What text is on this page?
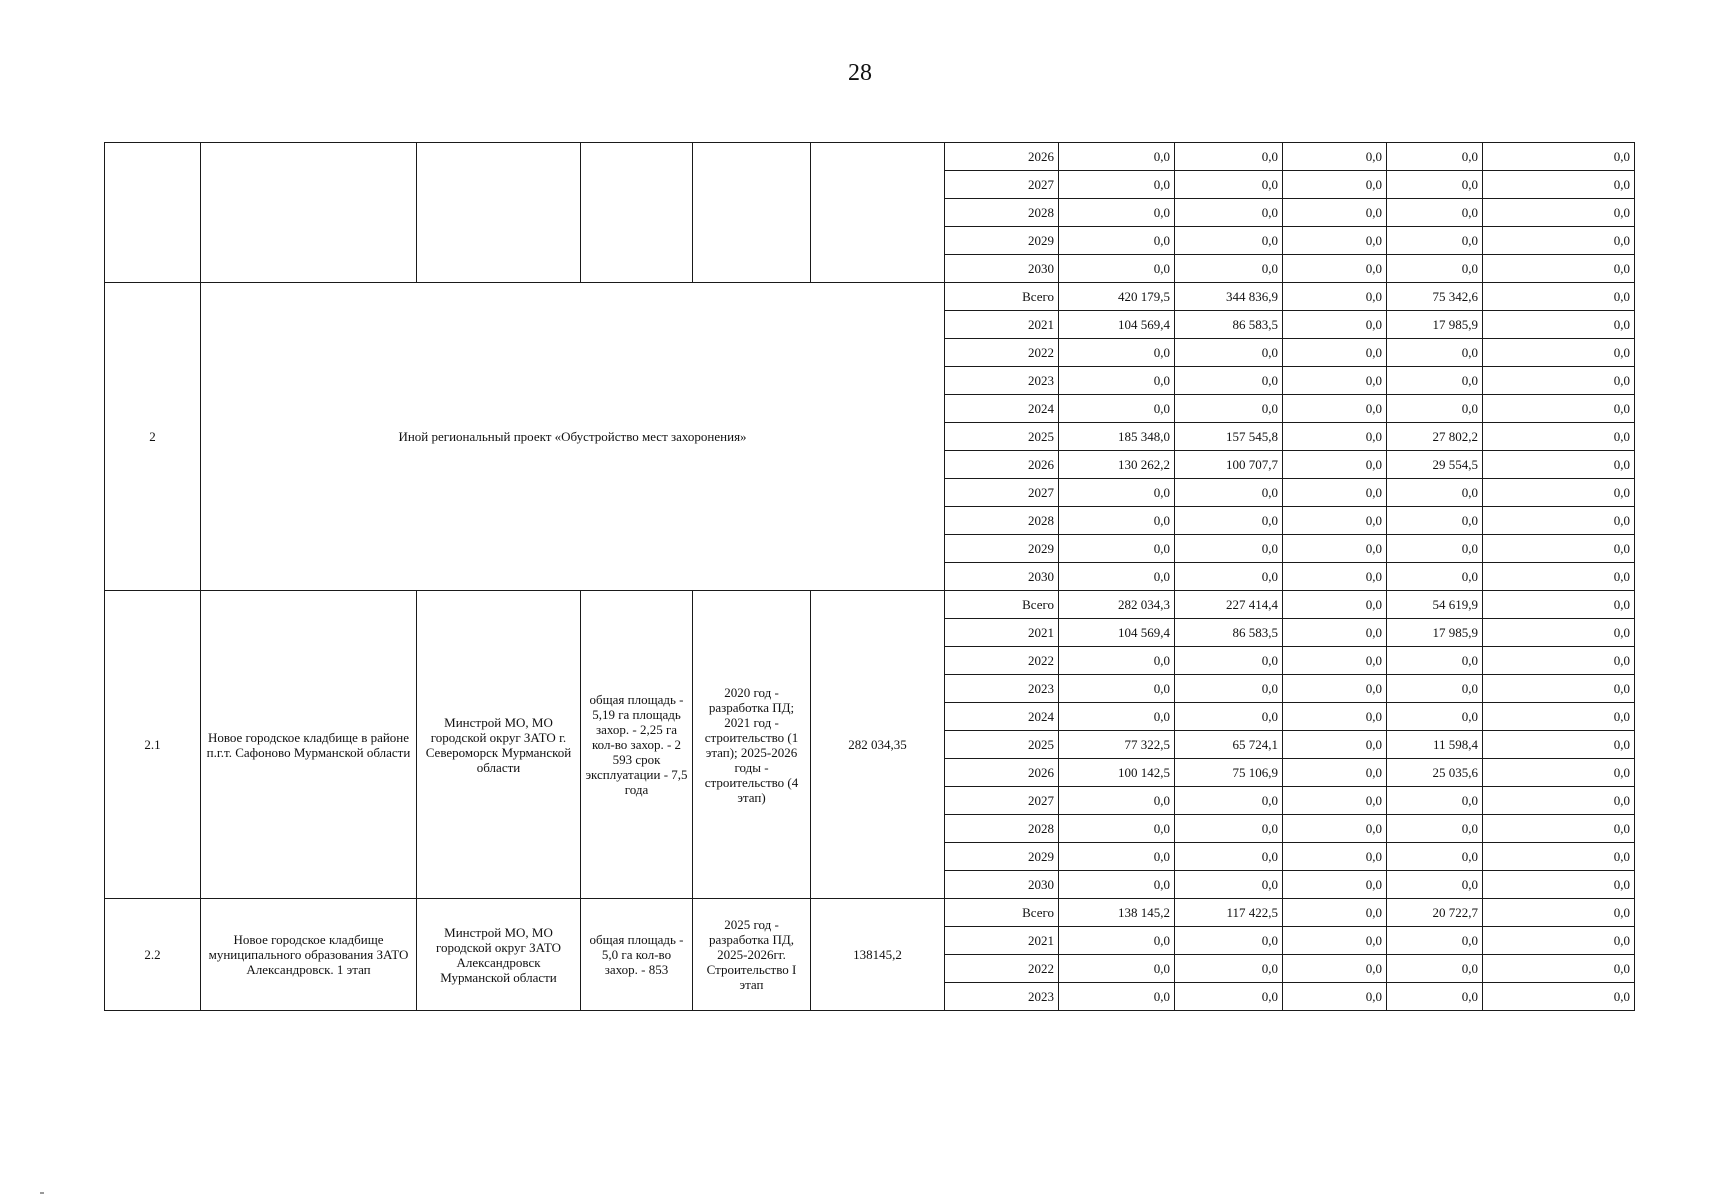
28
						2026	0,0	0,0	0,0	0,0	0,0
						2027	0,0	0,0	0,0	0,0	0,0
						2028	0,0	0,0	0,0	0,0	0,0
						2029	0,0	0,0	0,0	0,0	0,0
						2030	0,0	0,0	0,0	0,0	0,0
2	Иной региональный проект «Обустройство мест захоронения»					Всего	420 179,5	344 836,9	0,0	75 342,6	0,0
						2021	104 569,4	86 583,5	0,0	17 985,9	0,0
						2022	0,0	0,0	0,0	0,0	0,0
						2023	0,0	0,0	0,0	0,0	0,0
						2024	0,0	0,0	0,0	0,0	0,0
						2025	185 348,0	157 545,8	0,0	27 802,2	0,0
						2026	130 262,2	100 707,7	0,0	29 554,5	0,0
						2027	0,0	0,0	0,0	0,0	0,0
						2028	0,0	0,0	0,0	0,0	0,0
						2029	0,0	0,0	0,0	0,0	0,0
						2030	0,0	0,0	0,0	0,0	0,0
2.1	Новое городское кладбище в районе п.г.т. Сафоново Мурманской области	Минстрой МО, МО городской округ ЗАТО г. Североморск Мурманской области	общая площадь - 5,19 га площадь захор. - 2,25 га кол-во захор. - 2 593 срок эксплуатации - 7,5 года	2020 год - разработка ПД; 2021 год - строительство (1 этап); 2025-2026 годы - строительство (4 этап)	282 034,35	Всего	282 034,3	227 414,4	0,0	54 619,9	0,0
						2021	104 569,4	86 583,5	0,0	17 985,9	0,0
						2022	0,0	0,0	0,0	0,0	0,0
						2023	0,0	0,0	0,0	0,0	0,0
						2024	0,0	0,0	0,0	0,0	0,0
						2025	77 322,5	65 724,1	0,0	11 598,4	0,0
						2026	100 142,5	75 106,9	0,0	25 035,6	0,0
						2027	0,0	0,0	0,0	0,0	0,0
						2028	0,0	0,0	0,0	0,0	0,0
						2029	0,0	0,0	0,0	0,0	0,0
						2030	0,0	0,0	0,0	0,0	0,0
2.2	Новое городское кладбище муниципального образования ЗАТО Александровск. 1 этап	Минстрой МО, МО городской округ ЗАТО Александровск Мурманской области	общая площадь - 5,0 га кол-во захор. - 853	2025 год - разработка ПД, 2025-2026гг. Строительство I этап	138145,2	Всего	138 145,2	117 422,5	0,0	20 722,7	0,0
						2021	0,0	0,0	0,0	0,0	0,0
						2022	0,0	0,0	0,0	0,0	0,0
						2023	0,0	0,0	0,0	0,0	0,0
